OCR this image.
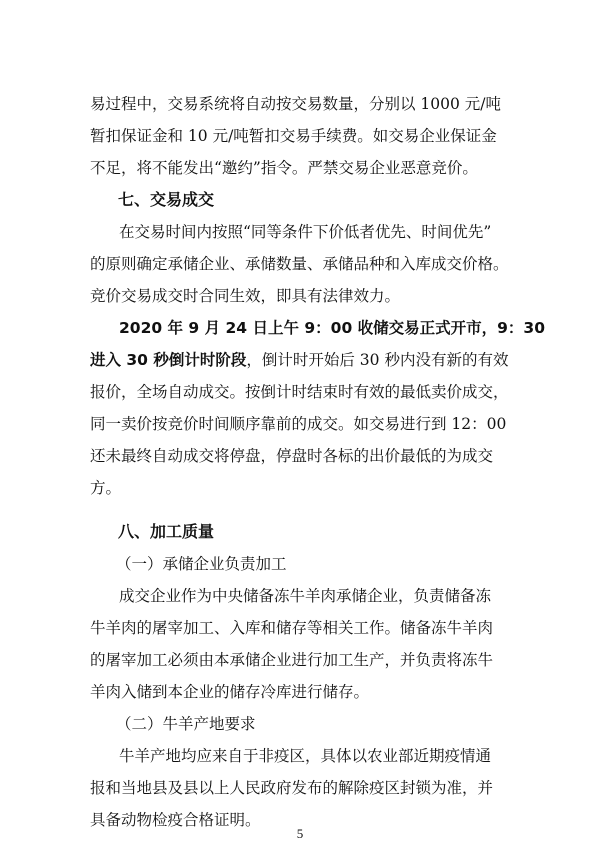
易过程中，交易系统将自动按交易数量，分别以 1000 元/吨
暂扣保证金和 10 元/吨暂扣交易手续费。如交易企业保证金
不足，将不能发出“邀约”指令。严禁交易企业恶意竞价。
七、交易成交
在交易时间内按照“同等条件下价低者优先、时间优先”
的原则确定承储企业、承储数量、承储品种和入库成交价格。
竞价交易成交时合同生效，即具有法律效力。
2020 年 9 月 24 日上午 9：00 收储交易正式开市，9：30
进入 30 秒倒计时阶段，倒计时开始后 30 秒内没有新的有效
报价，全场自动成交。按倒计时结束时有效的最低卖价成交，
同一卖价按竞价时间顺序靠前的成交。如交易进行到 12：00
还未最终自动成交将停盘，停盘时各标的出价最低的为成交
方。
八、加工质量
（一）承储企业负责加工
成交企业作为中央储备冻牛羊肉承储企业，负责储备冻
牛羊肉的屠宰加工、入库和储存等相关工作。储备冻牛羊肉
的屠宰加工必须由本承储企业进行加工生产，并负责将冻牛
羊肉入储到本企业的储存冷库进行储存。
（二）牛羊产地要求
牛羊产地均应来自于非疫区，具体以农业部近期疫情通
报和当地县及县以上人民政府发布的解除疫区封锁为准，并
具备动物检疫合格证明。
5
